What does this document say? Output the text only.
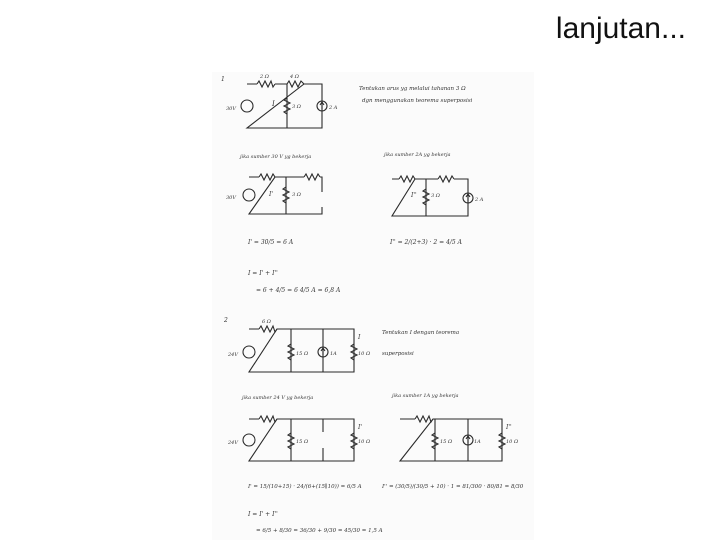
lanjutan...
1	2 Ω	4 Ω
3 Ω
30V	2 A
I
Tentukan arus yg melalui tahanan 3 Ω
dgn menggunakan teorema superposisi
jika sumber 30 V yg bekerja
30V	I'	3 Ω
jika sumber 2A yg bekerja
2 A
I''	3 Ω
I' = 30/5 = 6 A	I'' = 2/(2+3) · 2 = 4/5 A
I = I' + I''
= 6 + 4/5 = 6 4/5 A = 6,8 A
2
24V
6 Ω
15 Ω	1A	10 Ω
I
Tentukan I dengan teorema
superposisi
jika sumber 24 V yg bekerja
24V	15 Ω	10 Ω
I'
jika sumber 1A yg bekerja
15 Ω	1A	10 Ω
I''
I' = 15/(10+15) · 24/(6+(15∥10)) = 6/5 A	I'' = (30/5)/(30/5 + 10) · 1 = 81/300 · 80/81 = 8/30
I = I' + I''
= 6/5 + 8/30 = 36/30 + 9/30 = 45/30 = 1,5 A
